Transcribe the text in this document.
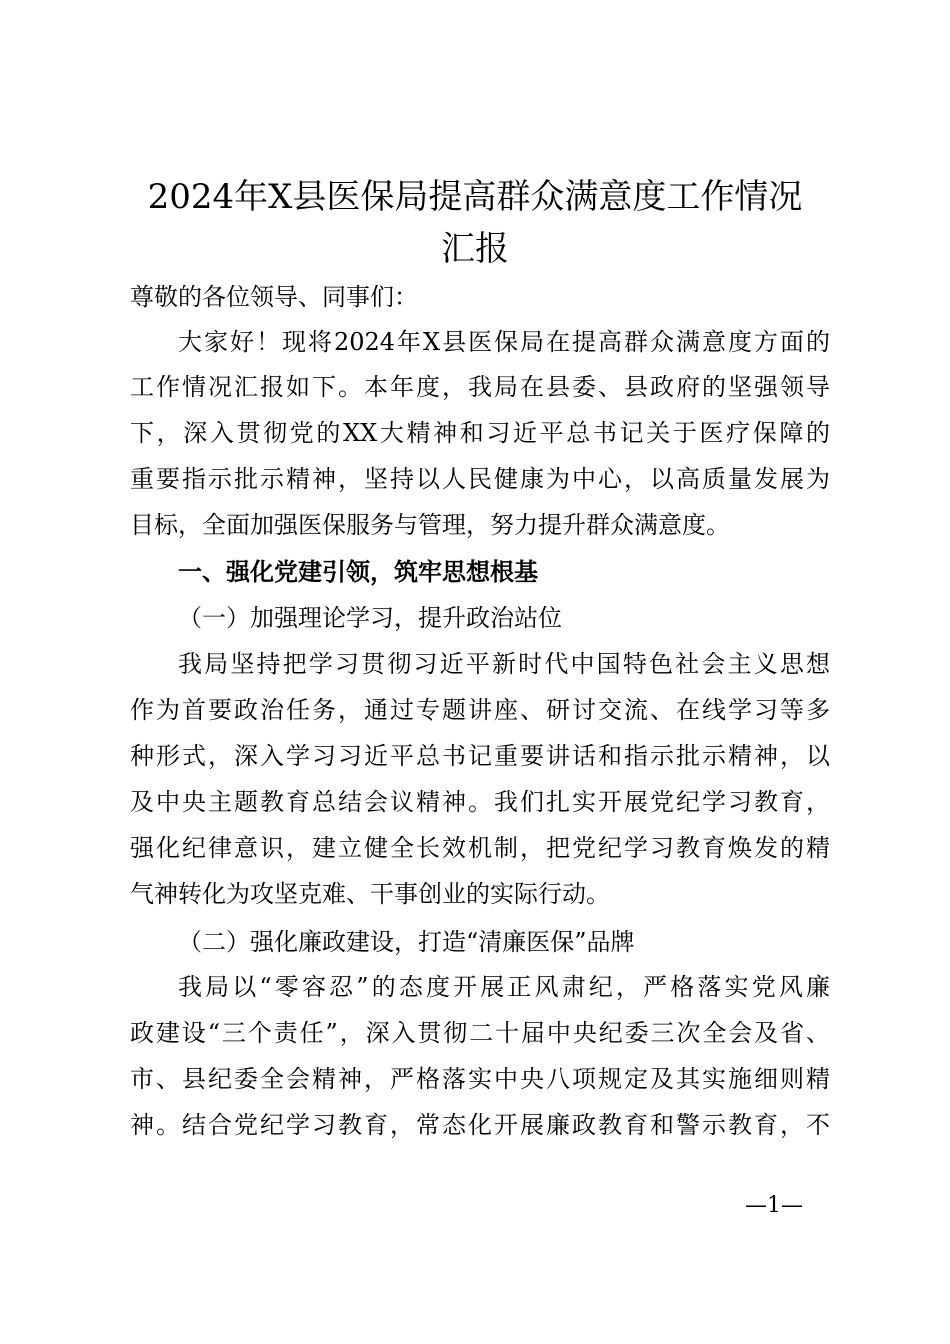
2024年X县医保局提高群众满意度工作情况
汇报
尊敬的各位领导、同事们：
大家好！现将2024年X县医保局在提高群众满意度方面的
工作情况汇报如下。本年度，我局在县委、县政府的坚强领导
下，深入贯彻党的XX大精神和习近平总书记关于医疗保障的
重要指示批示精神，坚持以人民健康为中心，以高质量发展为
目标，全面加强医保服务与管理，努力提升群众满意度。
一、强化党建引领，筑牢思想根基
（一）加强理论学习，提升政治站位
我局坚持把学习贯彻习近平新时代中国特色社会主义思想
作为首要政治任务，通过专题讲座、研讨交流、在线学习等多
种形式，深入学习习近平总书记重要讲话和指示批示精神，以
及中央主题教育总结会议精神。我们扎实开展党纪学习教育，
强化纪律意识，建立健全长效机制，把党纪学习教育焕发的精
气神转化为攻坚克难、干事创业的实际行动。
（二）强化廉政建设，打造“清廉医保”品牌
我局以“零容忍”的态度开展正风肃纪，严格落实党风廉
政建设“三个责任”，深入贯彻二十届中央纪委三次全会及省、
市、县纪委全会精神，严格落实中央八项规定及其实施细则精
神。结合党纪学习教育，常态化开展廉政教育和警示教育，不
—1—
